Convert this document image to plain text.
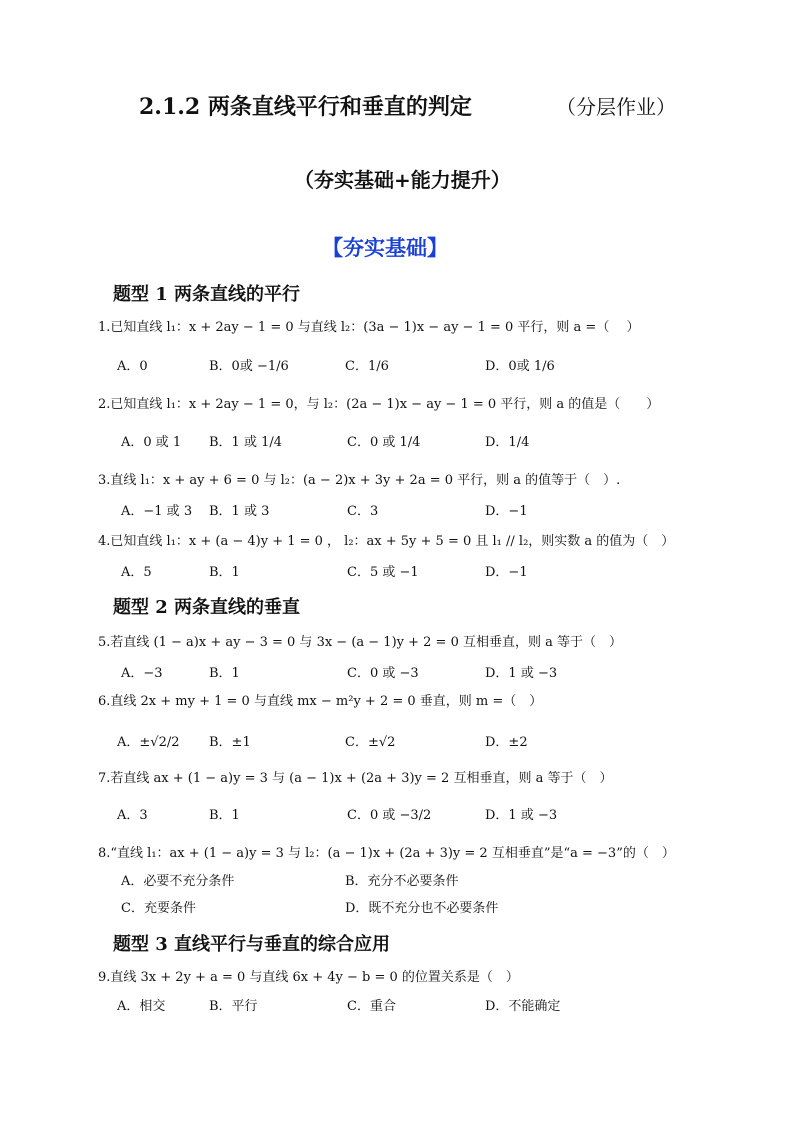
2.1.2 两条直线平行和垂直的判定	（分层作业）
（夯实基础+能力提升）
【夯实基础】
题型 1 两条直线的平行
1.已知直线 l₁：x + 2ay − 1 = 0 与直线 l₂：(3a − 1)x − ay − 1 = 0 平行，则 a =（　 ）
A．0	B．0或 −1/6	C．1/6	D．0或 1/6
2.已知直线 l₁：x + 2ay − 1 = 0，与 l₂：(2a − 1)x − ay − 1 = 0 平行，则 a 的值是（　　）
A．0 或 1 B．1 或 1/4	C．0 或 1/4	D．1/4
3.直线 l₁：x + ay + 6 = 0 与 l₂：(a − 2)x + 3y + 2a = 0 平行，则 a 的值等于（　）.
A．−1 或 3 B．1 或 3	C．3	D．−1
4.已知直线 l₁：x + (a − 4)y + 1 = 0 ， l₂：ax + 5y + 5 = 0 且 l₁ // l₂，则实数 a 的值为（　）
A．5	B．1	C．5 或 −1	D．−1
题型 2 两条直线的垂直
5.若直线 (1 − a)x + ay − 3 = 0 与 3x − (a − 1)y + 2 = 0 互相垂直，则 a 等于（　）
A．−3	B．1	C．0 或 −3	D．1 或 −3
6.直线 2x + my + 1 = 0 与直线 mx − m²y + 2 = 0 垂直，则 m =（　）
A．±√2/2 B．±1	C．±√2	D．±2
7.若直线 ax + (1 − a)y = 3 与 (a − 1)x + (2a + 3)y = 2 互相垂直，则 a 等于（　）
A．3	B．1	C．0 或 −3/2	D．1 或 −3
8.“直线 l₁：ax + (1 − a)y = 3 与 l₂：(a − 1)x + (2a + 3)y = 2 互相垂直”是“a = −3”的（　）
A．必要不充分条件	B．充分不必要条件
C．充要条件	D．既不充分也不必要条件
题型 3 直线平行与垂直的综合应用
9.直线 3x + 2y + a = 0 与直线 6x + 4y − b = 0 的位置关系是（　）
A．相交	B．平行	C．重合	D．不能确定
